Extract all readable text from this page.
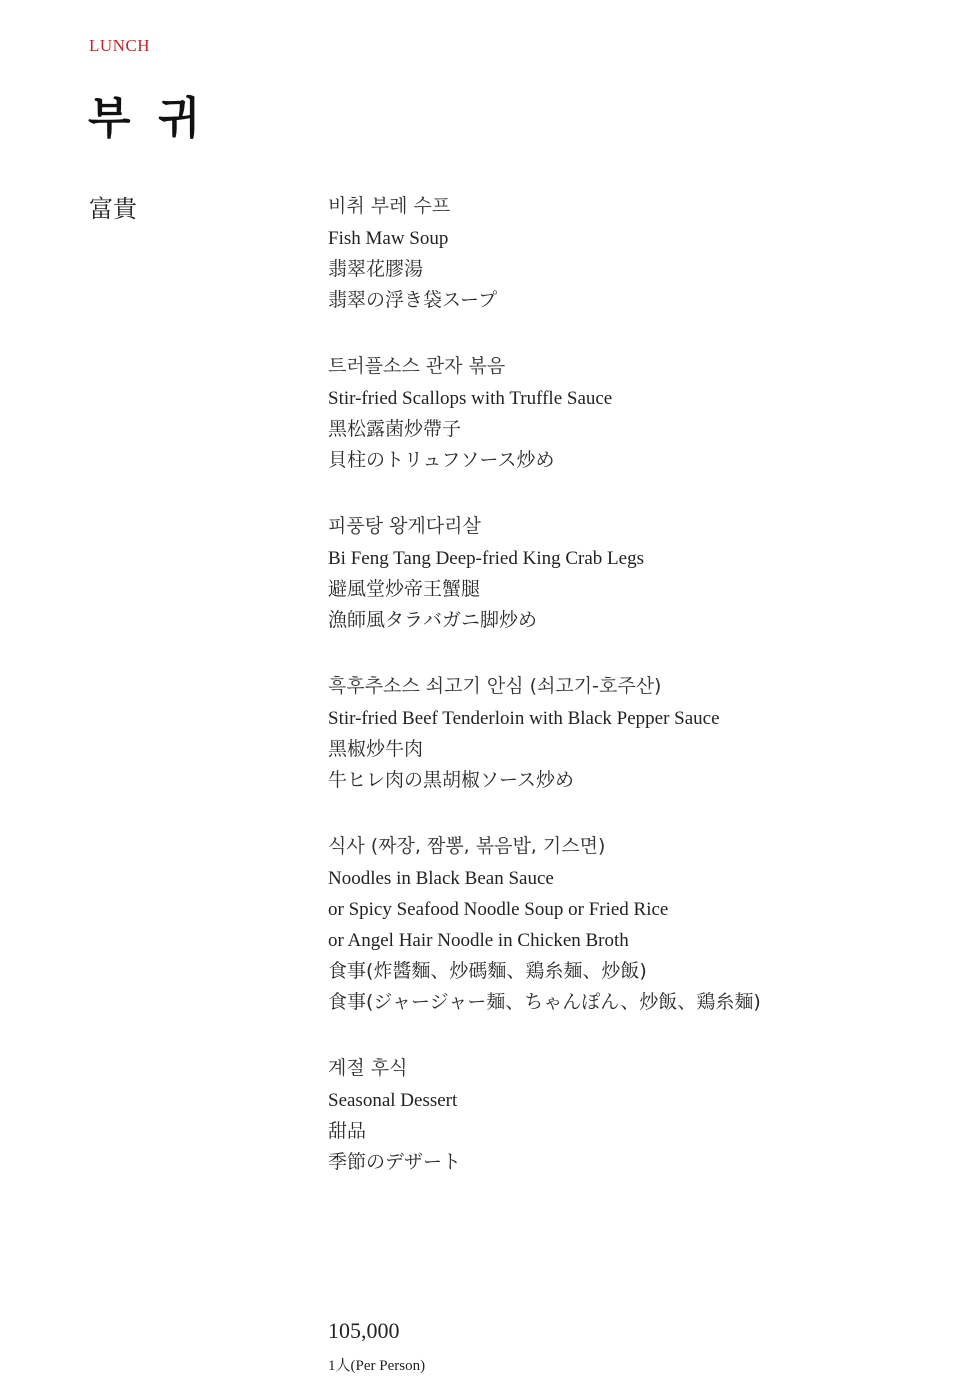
LUNCH

부 귀

富貴	비취 부레 수프
Fish Maw Soup
翡翠花膠湯
翡翠の浮き袋スープ
트러플소스 관자 볶음
Stir-fried Scallops with Truffle Sauce
黑松露菌炒帶子
貝柱のトリュフソース炒め
피풍탕 왕게다리살
Bi Feng Tang Deep-fried King Crab Legs
避風堂炒帝王蟹腿
漁師風タラバガニ脚炒め
흑후추소스 쇠고기 안심 (쇠고기-호주산)
Stir-fried Beef Tenderloin with Black Pepper Sauce
黑椒炒牛肉
牛ヒレ肉の黒胡椒ソース炒め
식사 (짜장, 짬뽕, 볶음밥, 기스면)
Noodles in Black Bean Sauce
or Spicy Seafood Noodle Soup or Fried Rice
or Angel Hair Noodle in Chicken Broth
食事(炸醬麵、炒碼麵、鶏糸麺、炒飯)
食事(ジャージャー麺、ちゃんぽん、炒飯、鶏糸麺)
계절 후식
Seasonal Dessert
甜品
季節のデザート

105,000

1人(Per Person)
